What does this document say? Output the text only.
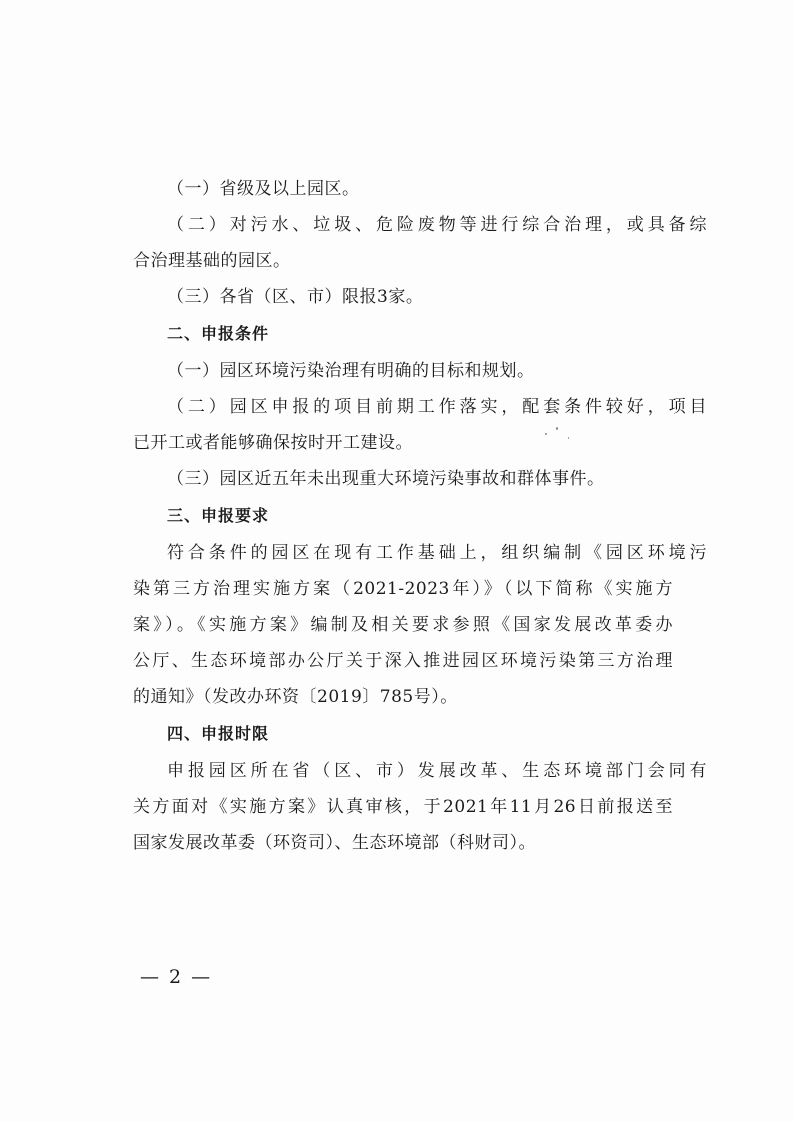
（一）省级及以上园区。
（二）对污水、垃圾、危险废物等进行综合治理，或具备综
合治理基础的园区。
（三）各省（区、市）限报3家。
二、申报条件
（一）园区环境污染治理有明确的目标和规划。
（二）园区申报的项目前期工作落实，配套条件较好，项目
已开工或者能够确保按时开工建设。
（三）园区近五年未出现重大环境污染事故和群体事件。
三、申报要求
符合条件的园区在现有工作基础上，组织编制《园区环境污
染第三方治理实施方案（2021-2023年）》（以下简称《实施方
案》）。《实施方案》编制及相关要求参照《国家发展改革委办
公厅、生态环境部办公厅关于深入推进园区环境污染第三方治理
的通知》（发改办环资〔2019〕785号）。
四、申报时限
申报园区所在省（区、市）发展改革、生态环境部门会同有
关方面对《实施方案》认真审核，于2021年11月26日前报送至
国家发展改革委（环资司）、生态环境部（科财司）。
— 2 —
